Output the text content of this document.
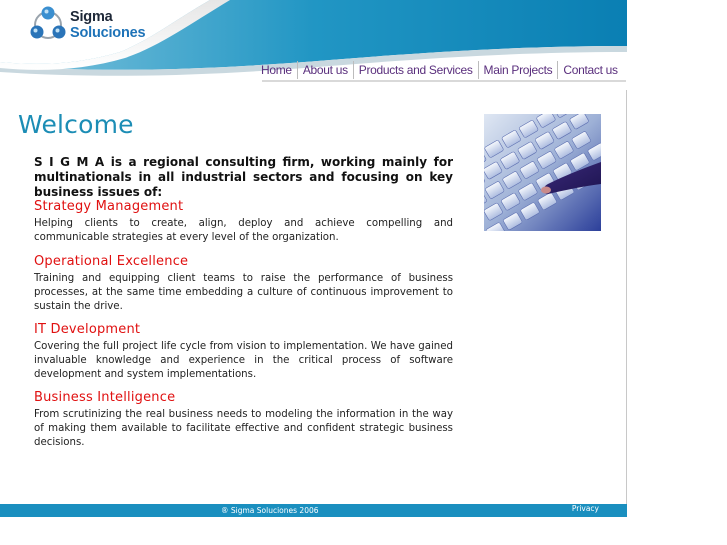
Sigma
Soluciones
Home About us Products and Services Main Projects Contact us
Welcome

S I G M A is a regional consulting firm, working mainly for multinationals in all industrial sectors and focusing on key business issues of:

Strategy Management

Helping clients to create, align, deploy and achieve compelling and communicable strategies at every level of the organization.

Operational Excellence

Training and equipping client teams to raise the performance of business processes, at the same time embedding a culture of continuous improvement to sustain the drive.

IT Development

Covering the full project life cycle from vision to implementation. We have gained invaluable knowledge and experience in the critical process of software development and system implementations.

Business Intelligence

From scrutinizing the real business needs to modeling the information in the way of making them available to facilitate effective and confident strategic business decisions.

® Sigma Soluciones 2006	Privacy
